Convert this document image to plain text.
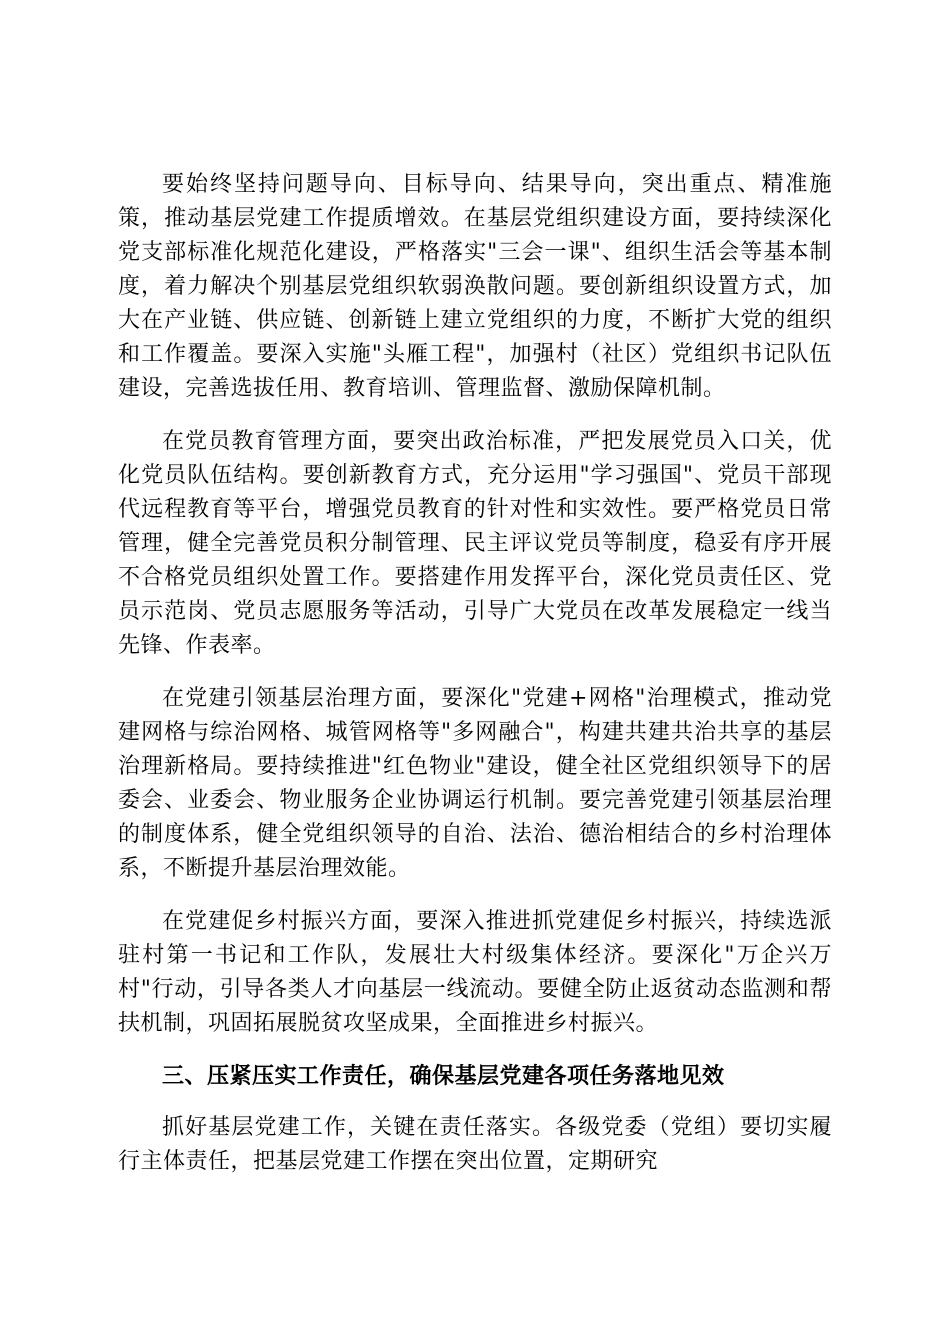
要始终坚持问题导向、目标导向、结果导向，突出重点、精准施策，推动基层党建工作提质增效。在基层党组织建设方面，要持续深化党支部标准化规范化建设，严格落实"三会一课"、组织生活会等基本制度，着力解决个别基层党组织软弱涣散问题。要创新组织设置方式，加大在产业链、供应链、创新链上建立党组织的力度，不断扩大党的组织和工作覆盖。要深入实施"头雁工程"，加强村（社区）党组织书记队伍建设，完善选拔任用、教育培训、管理监督、激励保障机制。

在党员教育管理方面，要突出政治标准，严把发展党员入口关，优化党员队伍结构。要创新教育方式，充分运用"学习强国"、党员干部现代远程教育等平台，增强党员教育的针对性和实效性。要严格党员日常管理，健全完善党员积分制管理、民主评议党员等制度，稳妥有序开展不合格党员组织处置工作。要搭建作用发挥平台，深化党员责任区、党员示范岗、党员志愿服务等活动，引导广大党员在改革发展稳定一线当先锋、作表率。

在党建引领基层治理方面，要深化"党建+网格"治理模式，推动党建网格与综治网格、城管网格等"多网融合"，构建共建共治共享的基层治理新格局。要持续推进"红色物业"建设，健全社区党组织领导下的居委会、业委会、物业服务企业协调运行机制。要完善党建引领基层治理的制度体系，健全党组织领导的自治、法治、德治相结合的乡村治理体系，不断提升基层治理效能。

在党建促乡村振兴方面，要深入推进抓党建促乡村振兴，持续选派驻村第一书记和工作队，发展壮大村级集体经济。要深化"万企兴万村"行动，引导各类人才向基层一线流动。要健全防止返贫动态监测和帮扶机制，巩固拓展脱贫攻坚成果，全面推进乡村振兴。

三、压紧压实工作责任，确保基层党建各项任务落地见效

抓好基层党建工作，关键在责任落实。各级党委（党组）要切实履行主体责任，把基层党建工作摆在突出位置，定期研究
